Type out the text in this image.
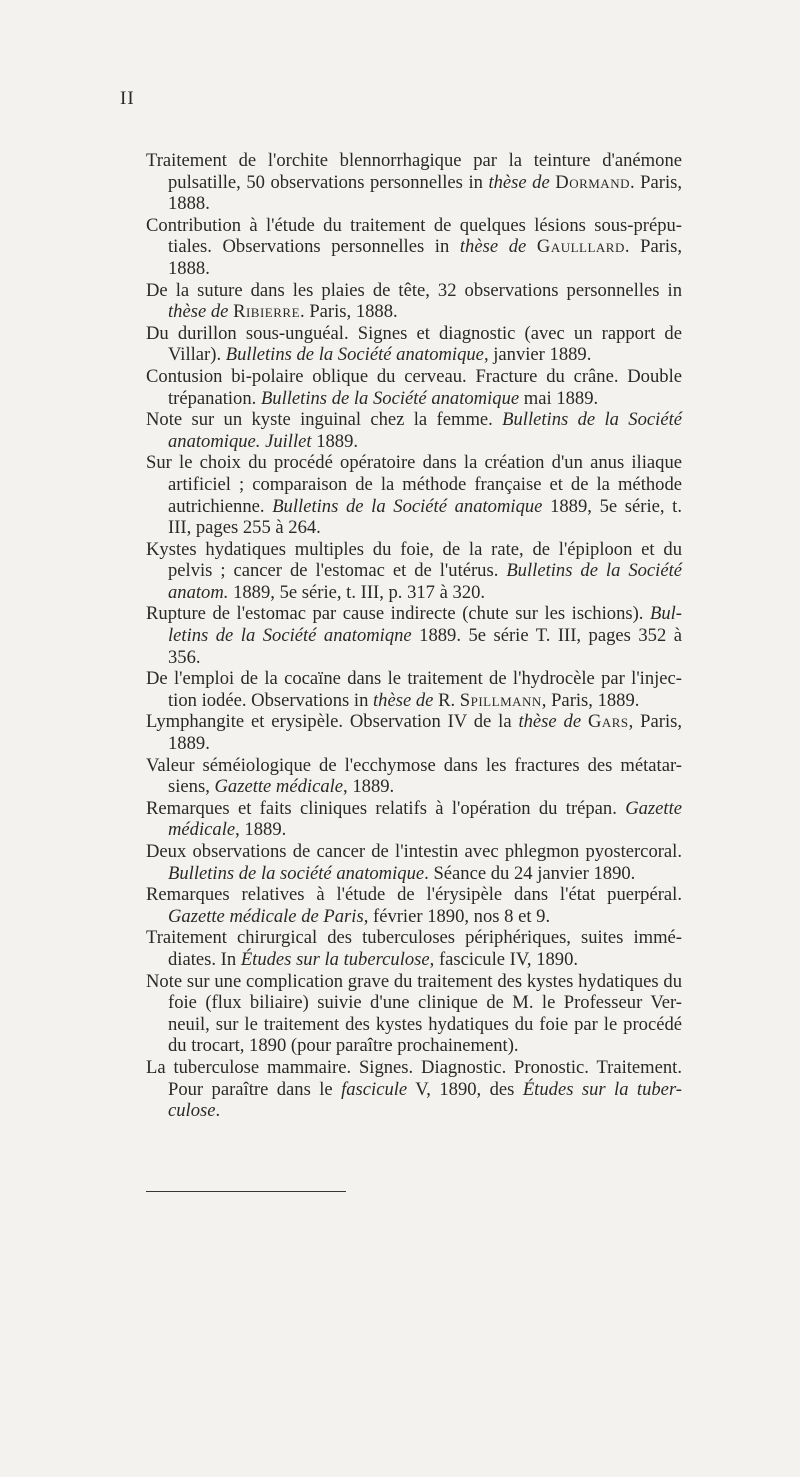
II

Traitement de l'orchite blennorrhagique par la teinture d'anémone pulsatille, 50 observations personnelles in thèse de Dormand. Paris, 1888.

Contribution à l'étude du traitement de quelques lésions sous-prépu-tiales. Observations personnelles in thèse de Gaulllard. Paris, 1888.

De la suture dans les plaies de tête, 32 observations personnelles in thèse de Ribierre. Paris, 1888.

Du durillon sous-unguéal. Signes et diagnostic (avec un rapport de Villar). Bulletins de la Société anatomique, janvier 1889.

Contusion bi-polaire oblique du cerveau. Fracture du crâne. Double trépanation. Bulletins de la Société anatomique mai 1889.

Note sur un kyste inguinal chez la femme. Bulletins de la Société anatomique. Juillet 1889.

Sur le choix du procédé opératoire dans la création d'un anus iliaque artificiel ; comparaison de la méthode française et de la méthode autrichienne. Bulletins de la Société anatomique 1889, 5e série, t. III, pages 255 à 264.

Kystes hydatiques multiples du foie, de la rate, de l'épiploon et du pelvis ; cancer de l'estomac et de l'utérus. Bulletins de la Société anatom. 1889, 5e série, t. III, p. 317 à 320.

Rupture de l'estomac par cause indirecte (chute sur les ischions). Bul-letins de la Société anatomiqne 1889. 5e série T. III, pages 352 à 356.

De l'emploi de la cocaïne dans le traitement de l'hydrocèle par l'injec-tion iodée. Observations in thèse de R. Spillmann, Paris, 1889.

Lymphangite et erysipèle. Observation IV de la thèse de Gars, Paris, 1889.

Valeur séméiologique de l'ecchymose dans les fractures des métatar-siens, Gazette médicale, 1889.

Remarques et faits cliniques relatifs à l'opération du trépan. Gazette médicale, 1889.

Deux observations de cancer de l'intestin avec phlegmon pyostercoral. Bulletins de la société anatomique. Séance du 24 janvier 1890.

Remarques relatives à l'étude de l'érysipèle dans l'état puerpéral. Gazette médicale de Paris, février 1890, nos 8 et 9.

Traitement chirurgical des tuberculoses périphériques, suites immé-diates. In Études sur la tuberculose, fascicule IV, 1890.

Note sur une complication grave du traitement des kystes hydatiques du foie (flux biliaire) suivie d'une clinique de M. le Professeur Ver-neuil, sur le traitement des kystes hydatiques du foie par le procédé du trocart, 1890 (pour paraître prochainement).

La tuberculose mammaire. Signes. Diagnostic. Pronostic. Traitement. Pour paraître dans le fascicule V, 1890, des Études sur la tuber-culose.
